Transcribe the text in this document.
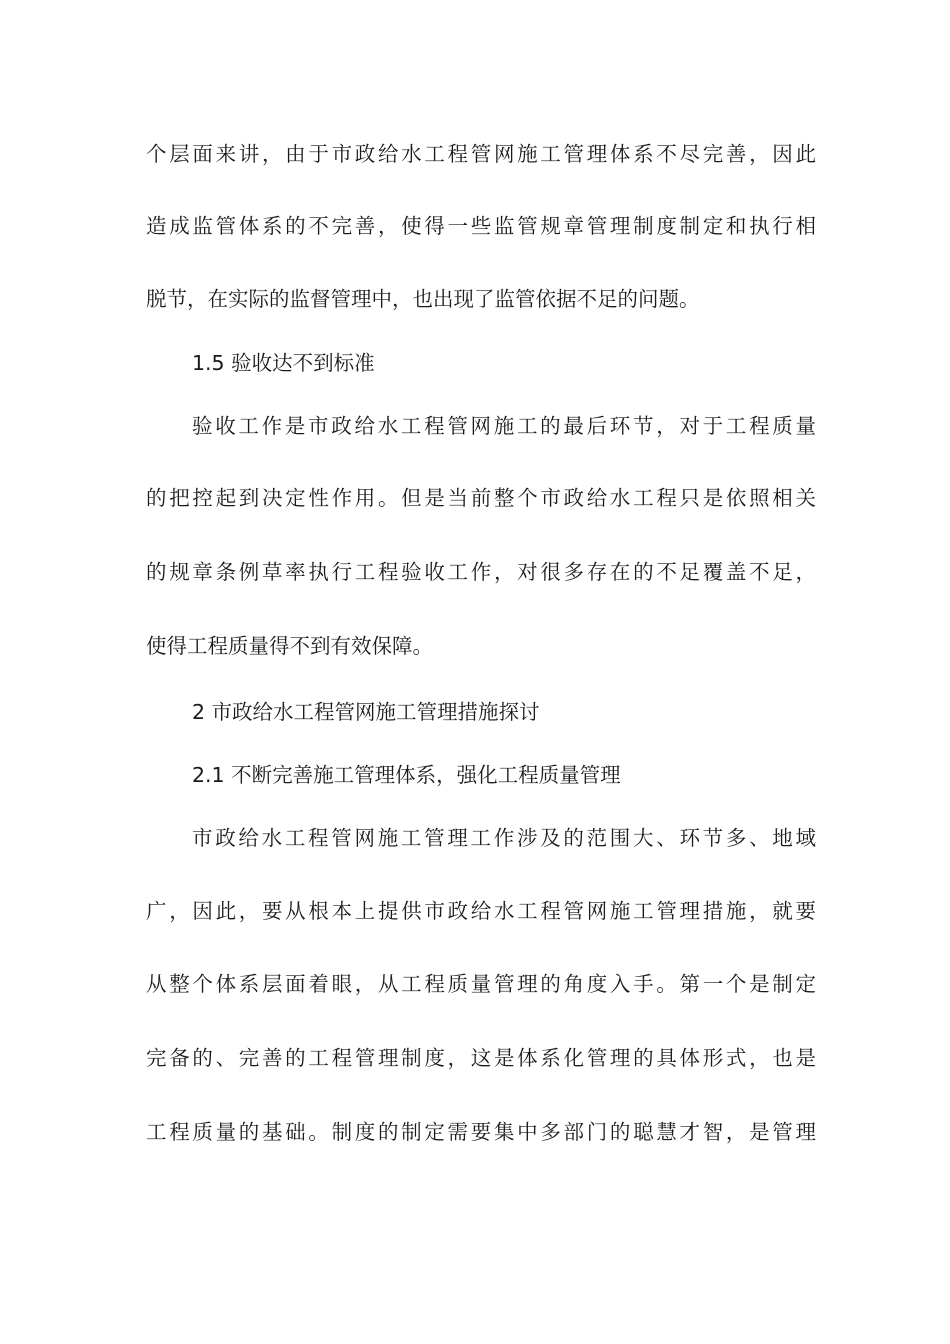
个层面来讲，由于市政给水工程管网施工管理体系不尽完善，因此
造成监管体系的不完善，使得一些监管规章管理制度制定和执行相
脱节，在实际的监督管理中，也出现了监管依据不足的问题。
1.5 验收达不到标准
验收工作是市政给水工程管网施工的最后环节，对于工程质量
的把控起到决定性作用。但是当前整个市政给水工程只是依照相关
的规章条例草率执行工程验收工作，对很多存在的不足覆盖不足，
使得工程质量得不到有效保障。
2 市政给水工程管网施工管理措施探讨
2.1 不断完善施工管理体系，强化工程质量管理
市政给水工程管网施工管理工作涉及的范围大、环节多、地域
广，因此，要从根本上提供市政给水工程管网施工管理措施，就要
从整个体系层面着眼，从工程质量管理的角度入手。第一个是制定
完备的、完善的工程管理制度，这是体系化管理的具体形式，也是
工程质量的基础。制度的制定需要集中多部门的聪慧才智，是管理
